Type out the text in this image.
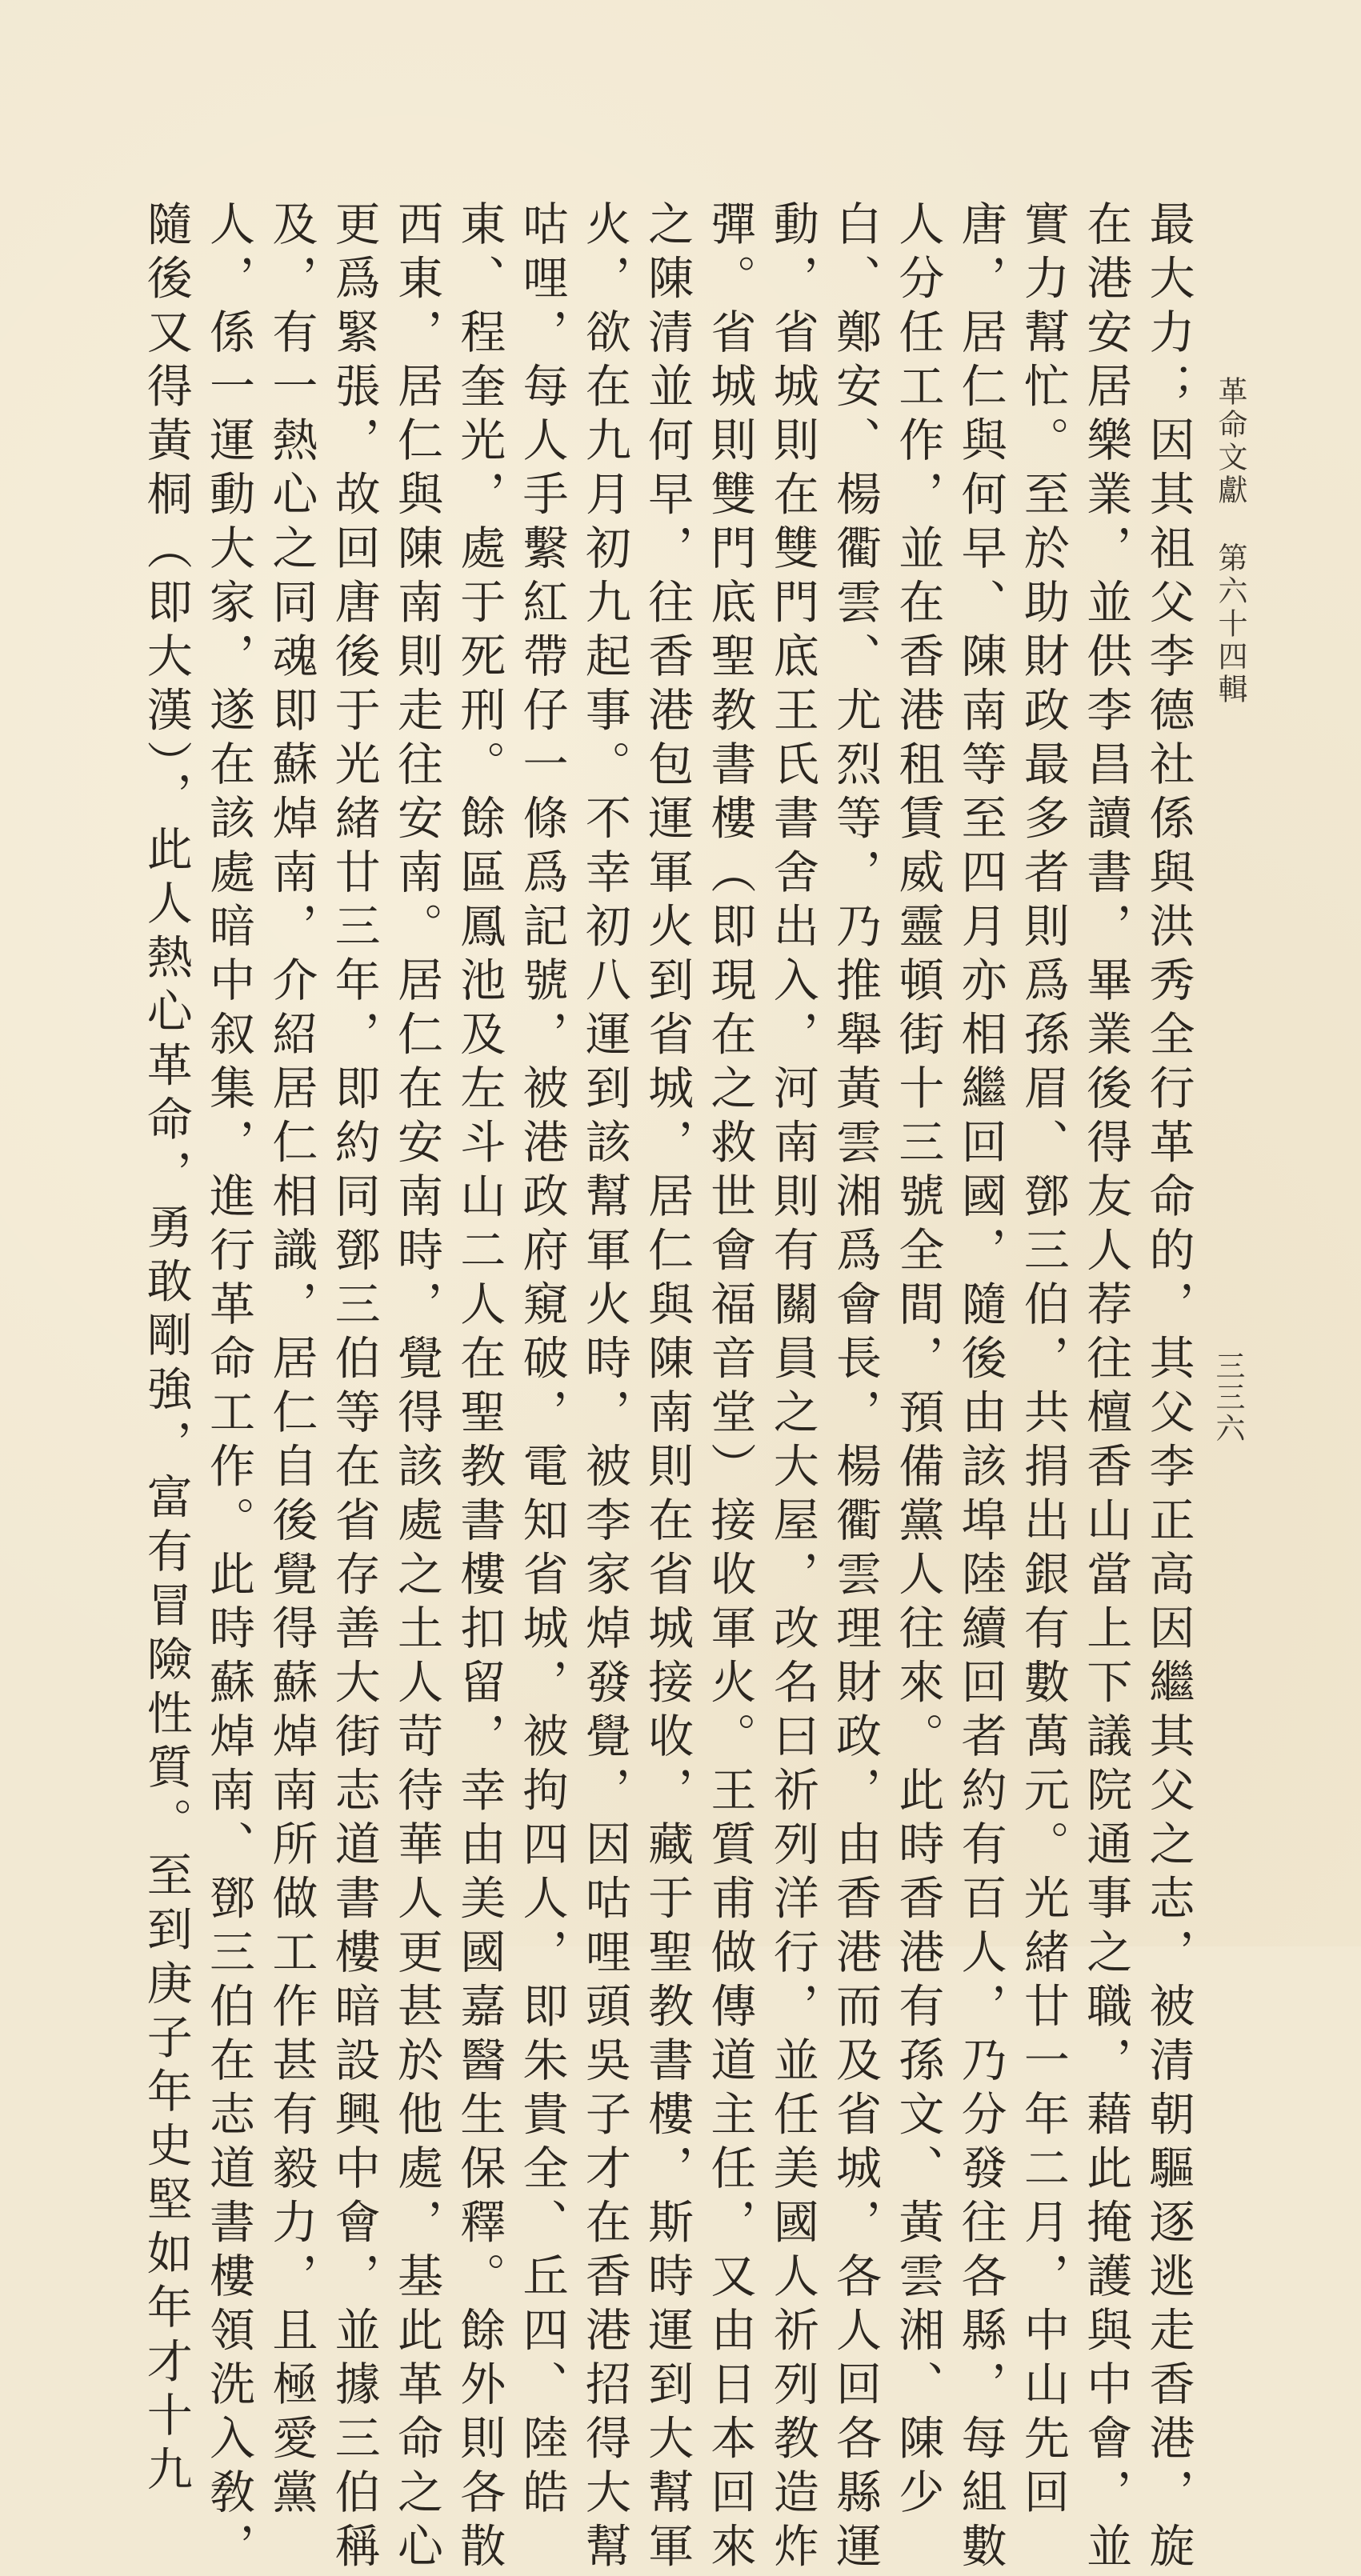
革命文獻第六十四輯
三三六
最大力；因其祖父李德社係與洪秀全行革命的，其父李正高因繼其父之志，被清朝驅逐逃走香港，旋
在港安居樂業，並供李昌讀書，畢業後得友人荐往檀香山當上下議院通事之職，藉此掩護與中會，並
實力幫忙。至於助財政最多者則爲孫眉、鄧三伯，共捐出銀有數萬元。光緒廿一年二月，中山先回
唐，居仁與何早、陳南等至四月亦相繼回國，隨後由該埠陸續回者約有百人，乃分發往各縣，每組數
人分任工作，並在香港租賃威靈頓街十三號全間，預備黨人往來。此時香港有孫文、黃雲湘、陳少
白、鄭安、楊衢雲、尤烈等，乃推舉黃雲湘爲會長，楊衢雲理財政，由香港而及省城，各人回各縣運
動，省城則在雙門底王氏書舍出入，河南則有關員之大屋，改名曰祈列洋行，並任美國人祈列教造炸
彈。省城則雙門底聖教書樓（即現在之救世會福音堂）接收軍火。王質甫做傳道主任，又由日本回來
之陳清並何早，往香港包運軍火到省城，居仁與陳南則在省城接收，藏于聖教書樓，斯時運到大幫軍
火，欲在九月初九起事。不幸初八運到該幫軍火時，被李家焯發覺，因咕哩頭吳子才在香港招得大幫
咕哩，每人手繫紅帶仔一條爲記號，被港政府窺破，電知省城，被拘四人，即朱貴全、丘四、陸皓
東、程奎光，處于死刑。餘區鳳池及左斗山二人在聖教書樓扣留，幸由美國嘉醫生保釋。餘外則各散
西東，居仁與陳南則走往安南。居仁在安南時，覺得該處之土人苛待華人更甚於他處，基此革命之心
更爲緊張，故回唐後于光緒廿三年，即約同鄧三伯等在省存善大街志道書樓暗設興中會，並據三伯稱
及，有一熱心之同魂即蘇焯南，介紹居仁相識，居仁自後覺得蘇焯南所做工作甚有毅力，且極愛黨
人，係一運動大家，遂在該處暗中叙集，進行革命工作。此時蘇焯南、鄧三伯在志道書樓領洗入敎，
隨後又得黃桐（即大漢），此人熱心革命，勇敢剛強，富有冒險性質。至到庚子年史堅如年才十九
